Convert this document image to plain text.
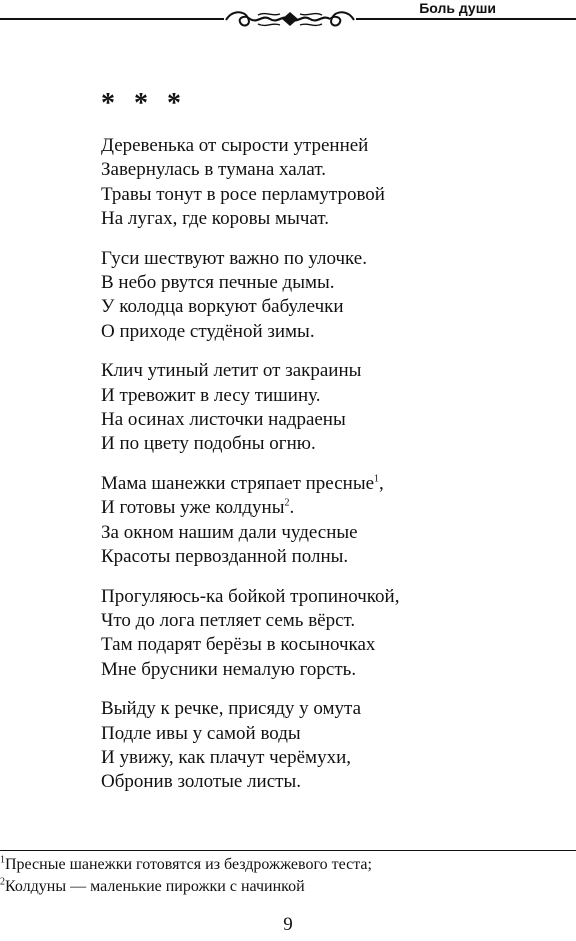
Боль души
* * *
Деревенька от сырости утренней
Завернулась в тумана халат.
Травы тонут в росе перламутровой
На лугах, где коровы мычат.
Гуси шествуют важно по улочке.
В небо рвутся печные дымы.
У колодца воркуют бабулечки
О приходе студёной зимы.
Клич утиный летит от закраины
И тревожит в лесу тишину.
На осинах листочки надраены
И по цвету подобны огню.
Мама шанежки стряпает пресные$^1$,
И готовы уже колдуны$^2$.
За окном нашим дали чудесные
Красоты первозданной полны.
Прогуляюсь-ка бойкой тропиночкой,
Что до лога петляет семь вёрст.
Там подарят берёзы в косыночках
Мне брусники немалую горсть.
Выйду к речке, присяду у омута
Подле ивы у самой воды
И увижу, как плачут черёмухи,
Обронив золотые листы.
$^1$Пресные шанежки готовятся из бездрожжевого теста;
$^2$Колдуны — маленькие пирожки с начинкой
9
